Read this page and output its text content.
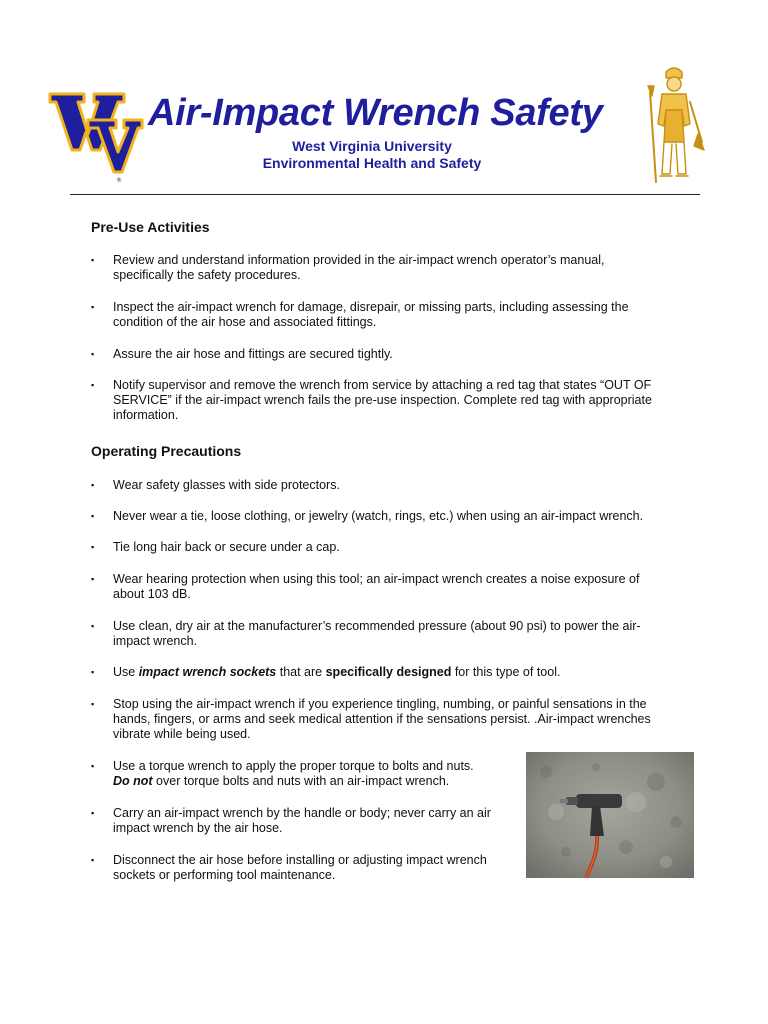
®
Air-Impact Wrench Safety

West Virginia University

Environmental Health and Safety

Pre-Use Activities
▪ Review and understand information provided in the air-impact wrench operator’s manual,
specifically the safety procedures.
▪ Inspect the air-impact wrench for damage, disrepair, or missing parts, including assessing the
condition of the air hose and associated fittings.
▪ Assure the air hose and fittings are secured tightly.
▪ Notify supervisor and remove the wrench from service by attaching a red tag that states “OUT OF
SERVICE” if the air-impact wrench fails the pre-use inspection. Complete red tag with appropriate
information.
Operating Precautions
▪ Wear safety glasses with side protectors.
▪ Never wear a tie, loose clothing, or jewelry (watch, rings, etc.) when using an air-impact wrench.
▪ Tie long hair back or secure under a cap.
▪ Wear hearing protection when using this tool; an air-impact wrench creates a noise exposure of
about 103 dB.
▪ Use clean, dry air at the manufacturer’s recommended pressure (about 90 psi) to power the air-
impact wrench.
▪ Use impact wrench sockets that are specifically designed for this type of tool.
▪ Stop using the air-impact wrench if you experience tingling, numbing, or painful sensations in the
hands, fingers, or arms and seek medical attention if the sensations persist. .Air-impact wrenches
vibrate while being used.
▪ Use a torque wrench to apply the proper torque to bolts and nuts.
Do not over torque bolts and nuts with an air-impact wrench.
▪ Carry an air-impact wrench by the handle or body; never carry an air
impact wrench by the air hose.
▪ Disconnect the air hose before installing or adjusting impact wrench
sockets or performing tool maintenance.
· · ·
